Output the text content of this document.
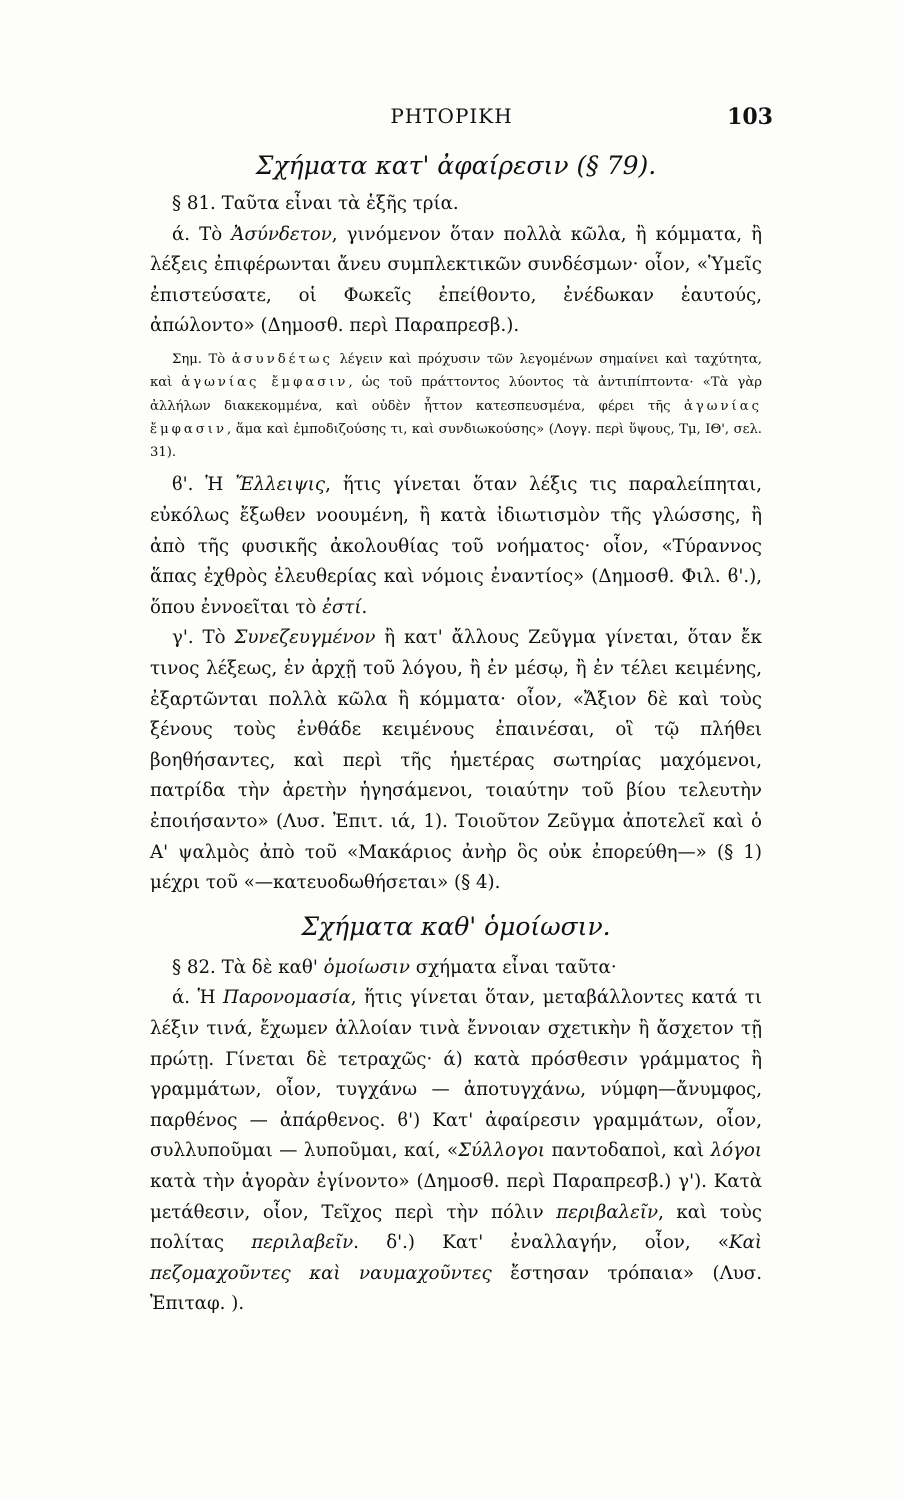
ΡΗΤΟΡΙΚΗ	103
Σχήματα κατ' ἀφαίρεσιν (§ 79).

§ 81. Ταῦτα εἶναι τὰ ἑξῆς τρία.

ά. Τὸ Ἀσύνδετον, γινόμενον ὅταν πολλὰ κῶλα, ἢ κόμματα, ἢ λέξεις ἐπιφέρωνται ἄνευ συμπλεκτικῶν συνδέσμων· οἷον, «Ὑμεῖς ἐπιστεύσατε, οἱ Φωκεῖς ἐπείθοντο, ἐνέδωκαν ἑαυτούς, ἀπώλοντο» (Δημοσθ. περὶ Παραπρεσβ.).

Σημ. Τὸ ἀσυνδέτως λέγειν καὶ πρόχυσιν τῶν λεγομένων σημαίνει καὶ ταχύτητα, καὶ ἀγωνίας ἔμφασιν, ὡς τοῦ πράττοντος λύοντος τὰ ἀντιπίπτοντα· «Τὰ γὰρ ἀλλήλων διακεκομμένα, καὶ οὐδὲν ἧττον κατεσπευσμένα, φέρει τῆς ἀγωνίας ἔμφασιν, ἅμα καὶ ἐμποδιζούσης τι, καὶ συνδιωκούσης» (Λογγ. περὶ ὕψους, Τμ, ΙΘ', σελ. 31).

ϐ'. Ἡ Ἔλλειψις, ἥτις γίνεται ὅταν λέξις τις παραλείπηται, εὐκόλως ἔξωθεν νοουμένη, ἢ κατὰ ἰδιωτισμὸν τῆς γλώσσης, ἢ ἀπὸ τῆς φυσικῆς ἀκολουθίας τοῦ νοήματος· οἷον, «Τύραννος ἅπας ἐχθρὸς ἐλευθερίας καὶ νόμοις ἐναντίος» (Δημοσθ. Φιλ. ϐ'.), ὅπου ἐννοεῖται τὸ ἐστί.

γ'. Τὸ Συνεζευγμένον ἢ κατ' ἄλλους Ζεῦγμα γίνεται, ὅταν ἔκ τινος λέξεως, ἐν ἀρχῇ τοῦ λόγου, ἢ ἐν μέσῳ, ἢ ἐν τέλει κειμένης, ἐξαρτῶνται πολλὰ κῶλα ἢ κόμματα· οἷον, «Ἄξιον δὲ καὶ τοὺς ξένους τοὺς ἐνθάδε κειμένους ἐπαινέσαι, οἳ τῷ πλήθει βοηθήσαντες, καὶ περὶ τῆς ἡμετέρας σωτηρίας μαχόμενοι, πατρίδα τὴν ἀρετὴν ἡγησάμενοι, τοιαύτην τοῦ βίου τελευτὴν ἐποιήσαντο» (Λυσ. Ἐπιτ. ιά, 1). Τοιοῦτον Ζεῦγμα ἀποτελεῖ καὶ ὁ Α' ψαλμὸς ἀπὸ τοῦ «Μακάριος ἀνὴρ ὃς οὐκ ἐπορεύθη—» (§ 1) μέχρι τοῦ «—κατευοδωθήσεται» (§ 4).

Σχήματα καθ' ὁμοίωσιν.

§ 82. Τὰ δὲ καθ' ὁμοίωσιν σχήματα εἶναι ταῦτα·

ά. Ἡ Παρονομασία, ἥτις γίνεται ὅταν, μεταβάλλοντες κατά τι λέξιν τινά, ἔχωμεν ἀλλοίαν τινὰ ἔννοιαν σχετικὴν ἢ ἄσχετον τῇ πρώτῃ. Γίνεται δὲ τετραχῶς· ά) κατὰ πρόσθεσιν γράμματος ἢ γραμμάτων, οἷον, τυγχάνω — ἀποτυγχάνω, νύμφη—ἄνυμφος, παρθένος — ἀπάρθενος. ϐ') Κατ' ἀφαίρεσιν γραμμάτων, οἷον, συλλυποῦμαι — λυποῦμαι, καί, «Σύλλογοι παντοδαποὶ, καὶ λόγοι κατὰ τὴν ἀγορὰν ἐγίνοντο» (Δημοσθ. περὶ Παραπρεσβ.) γ'). Κατὰ μετάθεσιν, οἷον, Τεῖχος περὶ τὴν πόλιν περιβαλεῖν, καὶ τοὺς πολίτας περιλαβεῖν. δ'.) Κατ' ἐναλλαγήν, οἷον, «Καὶ πεζομαχοῦντες καὶ ναυμαχοῦντες ἔστησαν τρόπαια» (Λυσ. Ἐπιταφ. ).
